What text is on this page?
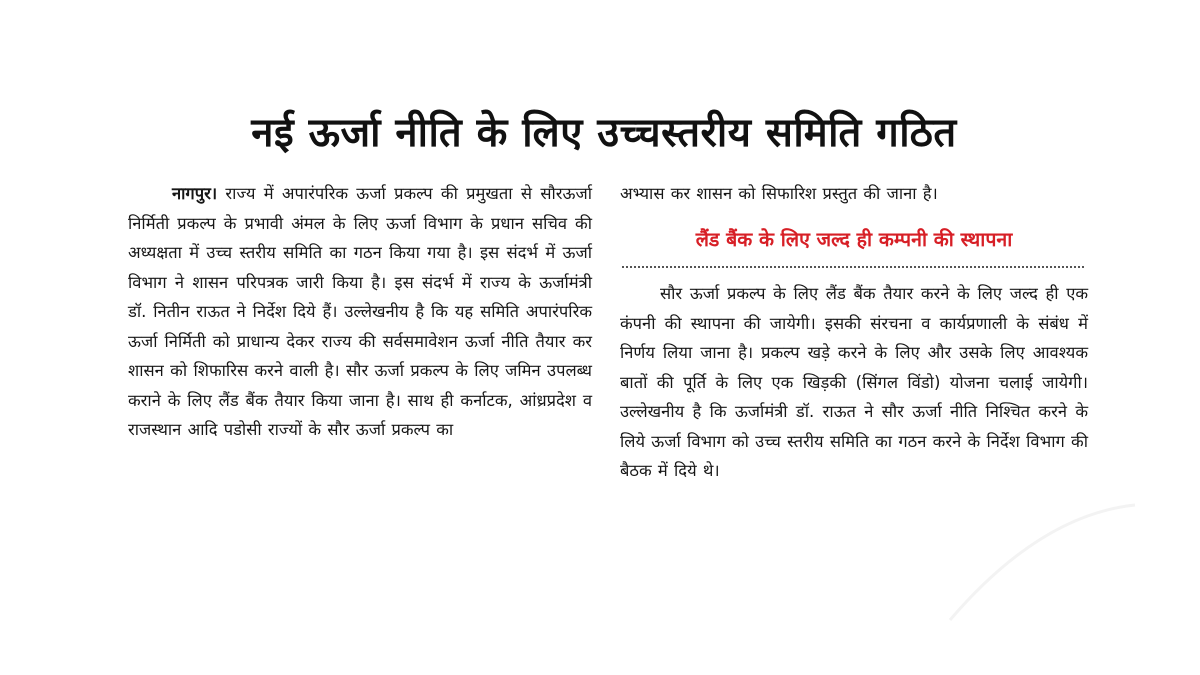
नई ऊर्जा नीति के लिए उच्चस्तरीय समिति गठित

नागपुर। राज्य में अपारंपरिक ऊर्जा प्रकल्प की प्रमुखता से सौरऊर्जा निर्मिती प्रकल्प के प्रभावी अंमल के लिए ऊर्जा विभाग के प्रधान सचिव की अध्यक्षता में उच्च स्तरीय समिति का गठन किया गया है। इस संदर्भ में ऊर्जा विभाग ने शासन परिपत्रक जारी किया है। इस संदर्भ में राज्य के ऊर्जामंत्री डॉ. नितीन राऊत ने निर्देश दिये हैं। उल्लेखनीय है कि यह समिति अपारंपरिक ऊर्जा निर्मिती को प्राधान्य देकर राज्य की सर्वसमावेशन ऊर्जा नीति तैयार कर शासन को शिफारिस करने वाली है। सौर ऊर्जा प्रकल्प के लिए जमिन उपलब्ध कराने के लिए लैंड बैंक तैयार किया जाना है। साथ ही कर्नाटक, आंध्रप्रदेश व राजस्थान आदि पडोसी राज्यों के सौर ऊर्जा प्रकल्प का

अभ्यास कर शासन को सिफारिश प्रस्तुत की जाना है।

लैंड बैंक के लिए जल्द ही कम्पनी की स्थापना

सौर ऊर्जा प्रकल्प के लिए लैंड बैंक तैयार करने के लिए जल्द ही एक कंपनी की स्थापना की जायेगी। इसकी संरचना व कार्यप्रणाली के संबंध में निर्णय लिया जाना है। प्रकल्प खड़े करने के लिए और उसके लिए आवश्यक बातों की पूर्ति के लिए एक खिड़की (सिंगल विंडो) योजना चलाई जायेगी। उल्लेखनीय है कि ऊर्जामंत्री डॉ. राऊत ने सौर ऊर्जा नीति निश्चित करने के लिये ऊर्जा विभाग को उच्च स्तरीय समिति का गठन करने के निर्देश विभाग की बैठक में दिये थे।
